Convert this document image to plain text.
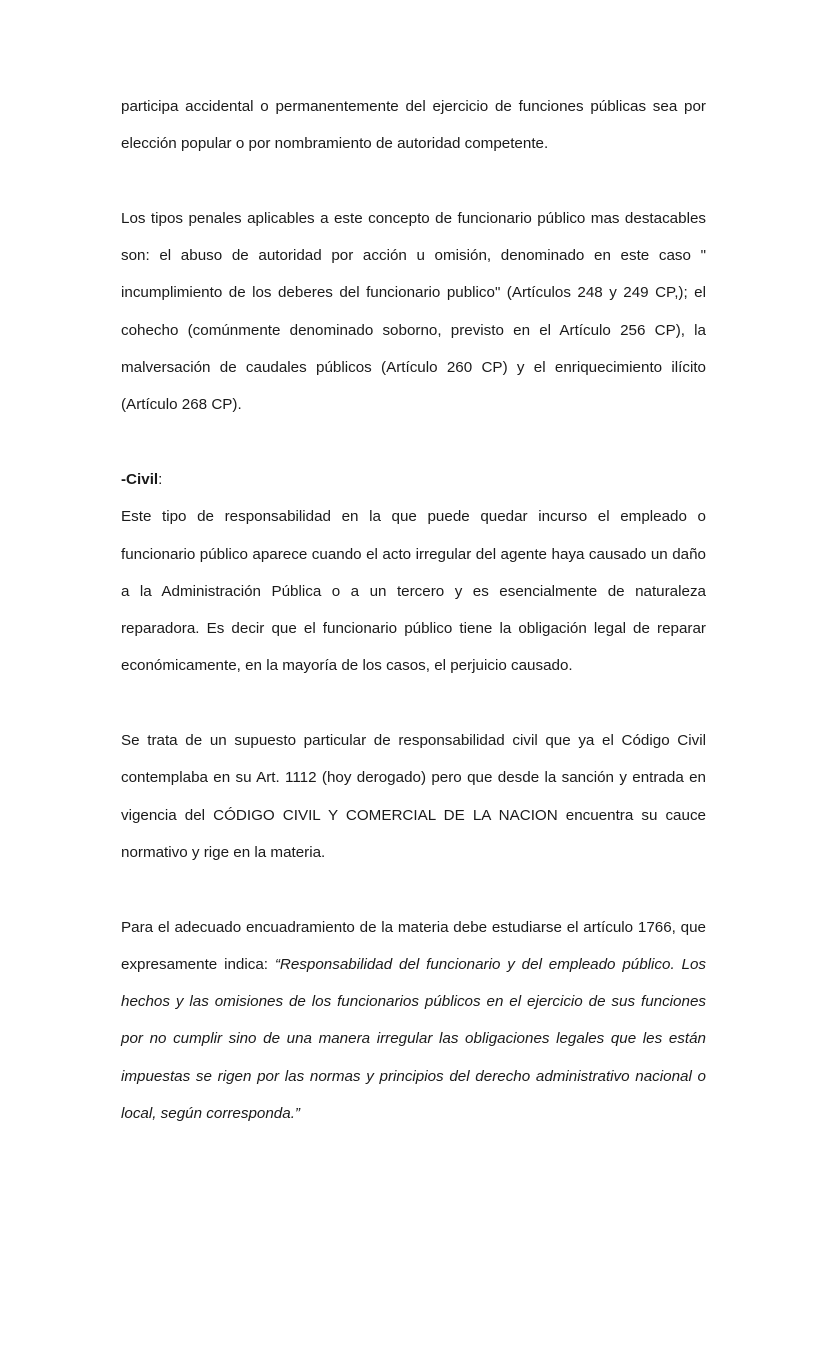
participa accidental o permanentemente del ejercicio de funciones públicas sea por elección popular o por nombramiento de autoridad competente.

Los tipos penales aplicables a este concepto de funcionario público mas destacables son: el abuso de autoridad por acción u omisión, denominado en este caso " incumplimiento de los deberes del funcionario publico" (Artículos 248 y 249 CP,); el cohecho (comúnmente denominado soborno, previsto en el Artículo 256 CP), la malversación de caudales públicos (Artículo 260 CP) y el enriquecimiento ilícito (Artículo 268 CP).

-Civil:

Este tipo de responsabilidad en la que puede quedar incurso el empleado o funcionario público aparece cuando el acto irregular del agente haya causado un daño a la Administración Pública o a un tercero y es esencialmente de naturaleza reparadora. Es decir que el funcionario público tiene la obligación legal de reparar económicamente, en la mayoría de los casos, el perjuicio causado.

Se trata de un supuesto particular de responsabilidad civil que ya el Código Civil contemplaba en su Art. 1112 (hoy derogado) pero que desde la sanción y entrada en vigencia del CÓDIGO CIVIL Y COMERCIAL DE LA NACION encuentra su cauce normativo y rige en la materia.

Para el adecuado encuadramiento de la materia debe estudiarse el artículo 1766, que expresamente indica: “Responsabilidad del funcionario y del empleado público. Los hechos y las omisiones de los funcionarios públicos en el ejercicio de sus funciones por no cumplir sino de una manera irregular las obligaciones legales que les están impuestas se rigen por las normas y principios del derecho administrativo nacional o local, según corresponda.”
